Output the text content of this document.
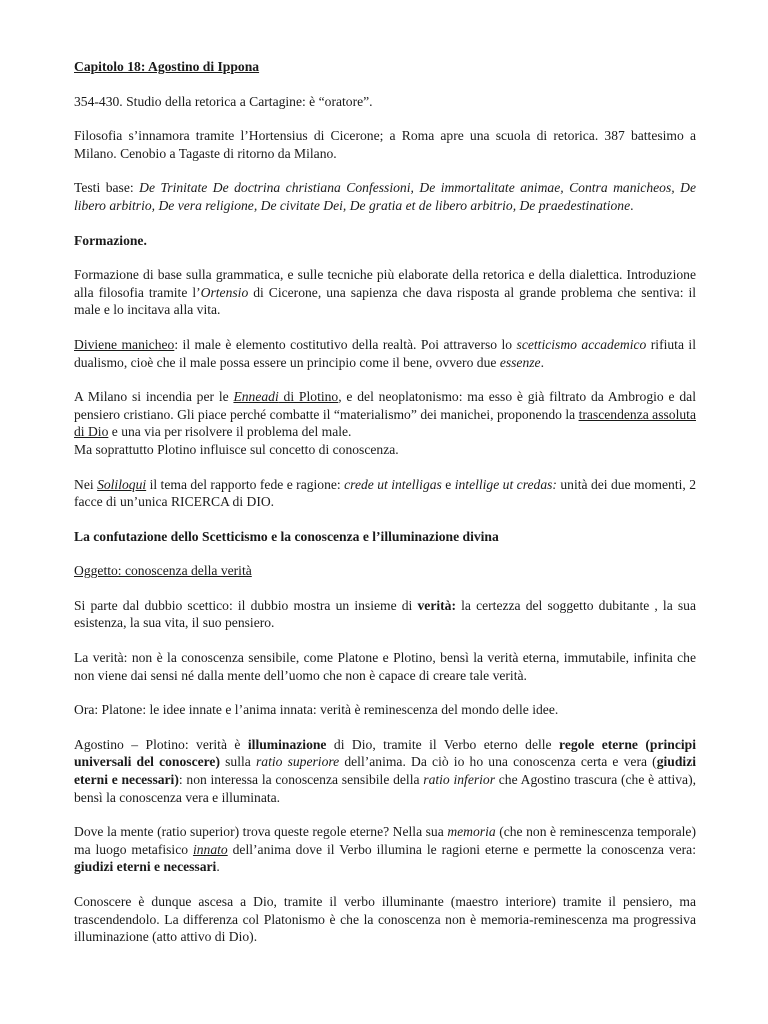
Capitolo 18: Agostino di Ippona

354-430. Studio della retorica a Cartagine: è “oratore”.

Filosofia s’innamora tramite l’Hortensius di Cicerone; a Roma apre una scuola di retorica. 387 battesimo a Milano. Cenobio a Tagaste di ritorno da Milano.

Testi base: De Trinitate De doctrina christiana Confessioni, De immortalitate animae, Contra manicheos, De libero arbitrio, De vera religione, De civitate Dei, De gratia et de libero arbitrio, De praedestinatione.

Formazione.

Formazione di base sulla grammatica, e sulle tecniche più elaborate della retorica e della dialettica. Introduzione alla filosofia tramite l’Ortensio di Cicerone, una sapienza che dava risposta al grande problema che sentiva: il male e lo incitava alla vita.

Diviene manicheo: il male è elemento costitutivo della realtà. Poi attraverso lo scetticismo accademico rifiuta il dualismo, cioè che il male possa essere un principio come il bene, ovvero due essenze.

A Milano si incendia per le Enneadi di Plotino, e del neoplatonismo: ma esso è già filtrato da Ambrogio e dal pensiero cristiano. Gli piace perché combatte il “materialismo” dei manichei, proponendo la trascendenza assoluta di Dio e una via per risolvere il problema del male.
Ma soprattutto Plotino influisce sul concetto di conoscenza.

Nei Soliloqui il tema del rapporto fede e ragione: crede ut intelligas e intellige ut credas: unità dei due momenti, 2 facce di un’unica RICERCA di DIO.

La confutazione dello Scetticismo e la conoscenza e l’illuminazione divina

Oggetto: conoscenza della verità

Si parte dal dubbio scettico: il dubbio mostra un insieme di verità: la certezza del soggetto dubitante , la sua esistenza, la sua vita, il suo pensiero.

La verità: non è la conoscenza sensibile, come Platone e Plotino, bensì la verità eterna, immutabile, infinita che non viene dai sensi né dalla mente dell’uomo che non è capace di creare tale verità.

Ora: Platone: le idee innate e l’anima innata: verità è reminescenza del mondo delle idee.

Agostino – Plotino: verità è illuminazione di Dio, tramite il Verbo eterno delle regole eterne (principi universali del conoscere) sulla ratio superiore dell’anima. Da ciò io ho una conoscenza certa e vera (giudizi eterni e necessari): non interessa la conoscenza sensibile della ratio inferior che Agostino trascura (che è attiva), bensì la conoscenza vera e illuminata.

Dove la mente (ratio superior) trova queste regole eterne? Nella sua memoria (che non è reminescenza temporale) ma luogo metafisico innato dell’anima dove il Verbo illumina le ragioni eterne e permette la conoscenza vera: giudizi eterni e necessari.

Conoscere è dunque ascesa a Dio, tramite il verbo illuminante (maestro interiore) tramite il pensiero, ma trascendendolo. La differenza col Platonismo è che la conoscenza non è memoria-reminescenza ma progressiva illuminazione (atto attivo di Dio).
